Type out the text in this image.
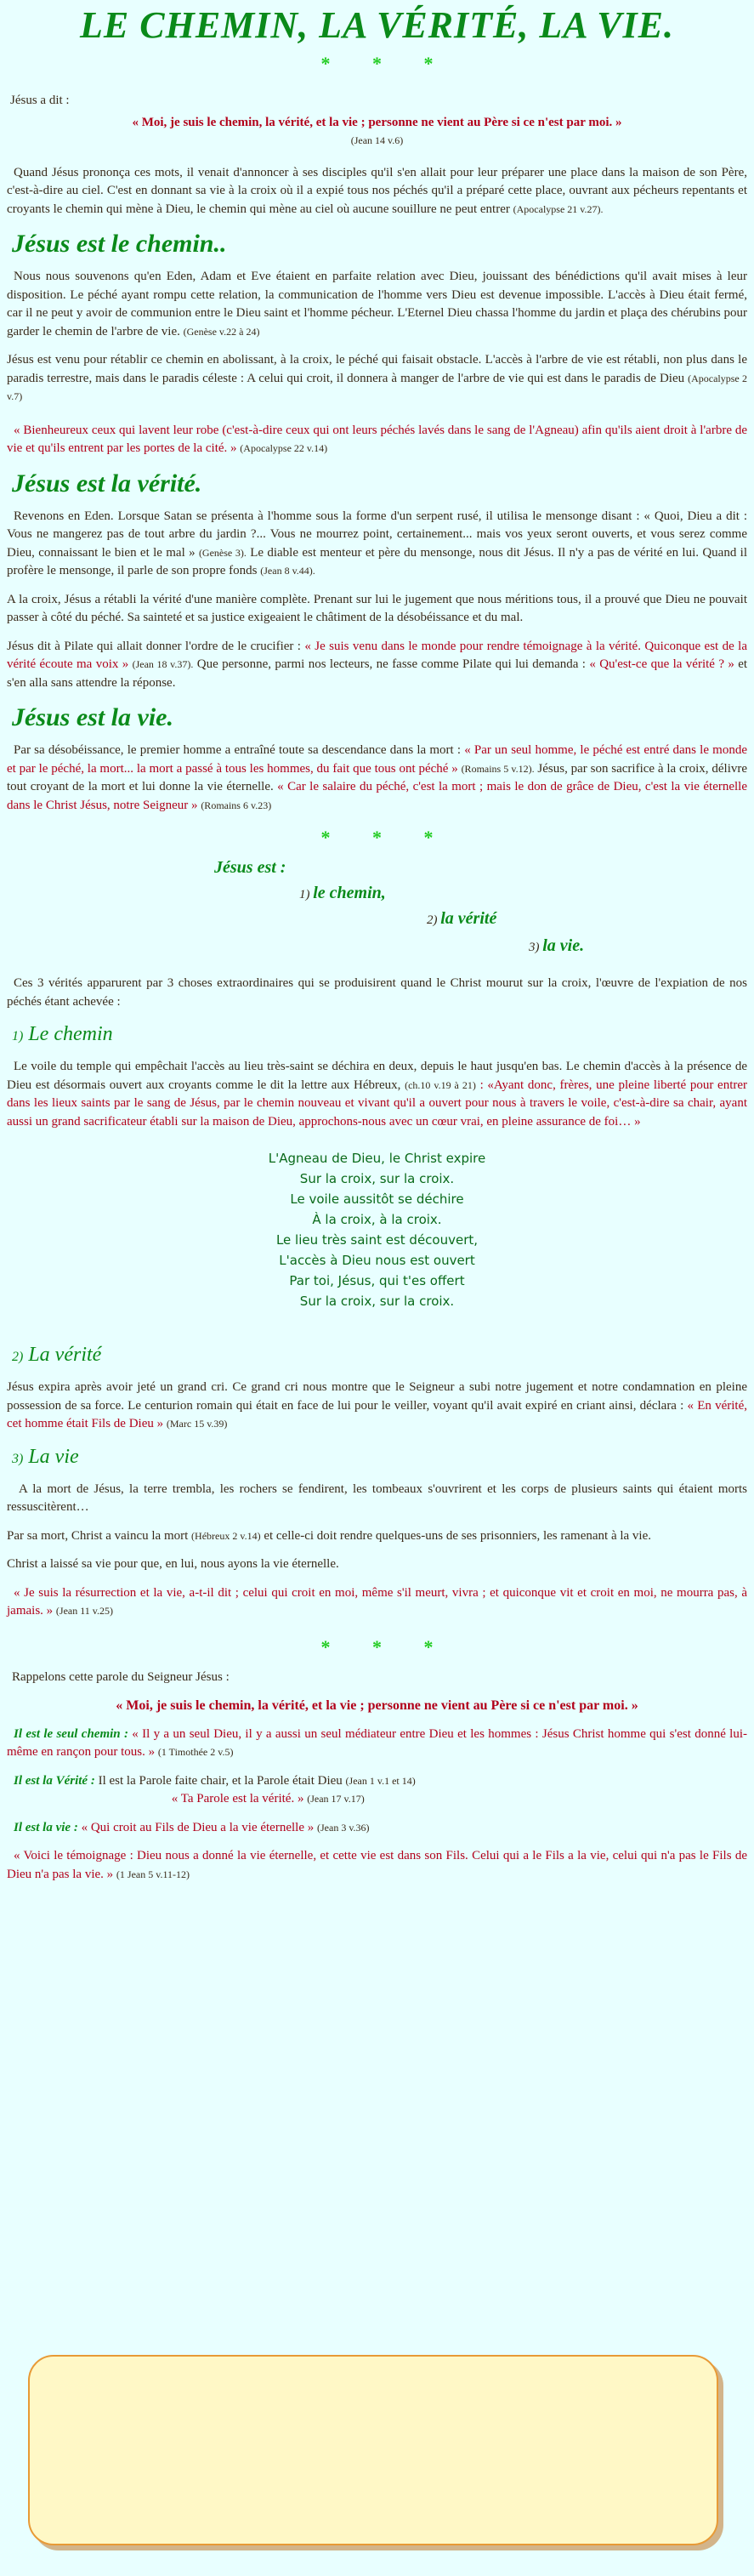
LE CHEMIN, LA VÉRITÉ, LA VIE.
* * *

Jésus a dit :

« Moi, je suis le chemin, la vérité, et la vie ; personne ne vient au Père si ce n'est par moi. »
(Jean 14 v.6)

Quand Jésus prononça ces mots, il venait d'annoncer à ses disciples qu'il s'en allait pour leur préparer une place dans la maison de son Père, c'est-à-dire au ciel. C'est en donnant sa vie à la croix où il a expié tous nos péchés qu'il a préparé cette place, ouvrant aux pécheurs repentants et croyants le chemin qui mène à Dieu, le chemin qui mène au ciel où aucune souillure ne peut entrer (Apocalypse 21 v.27).

Jésus est le chemin..

Nous nous souvenons qu'en Eden, Adam et Eve étaient en parfaite relation avec Dieu, jouissant des bénédictions qu'il avait mises à leur disposition. Le péché ayant rompu cette relation, la communication de l'homme vers Dieu est devenue impossible. L'accès à Dieu était fermé, car il ne peut y avoir de communion entre le Dieu saint et l'homme pécheur. L'Eternel Dieu chassa l'homme du jardin et plaça des chérubins pour garder le chemin de l'arbre de vie. (Genèse v.22 à 24)

Jésus est venu pour rétablir ce chemin en abolissant, à la croix, le péché qui faisait obstacle. L'accès à l'arbre de vie est rétabli, non plus dans le paradis terrestre, mais dans le paradis céleste : A celui qui croit, il donnera à manger de l'arbre de vie qui est dans le paradis de Dieu (Apocalypse 2 v.7)

« Bienheureux ceux qui lavent leur robe (c'est-à-dire ceux qui ont leurs péchés lavés dans le sang de l'Agneau) afin qu'ils aient droit à l'arbre de vie et qu'ils entrent par les portes de la cité. » (Apocalypse 22 v.14)

Jésus est la vérité.

Revenons en Eden. Lorsque Satan se présenta à l'homme sous la forme d'un serpent rusé, il utilisa le mensonge disant : « Quoi, Dieu a dit : Vous ne mangerez pas de tout arbre du jardin ?... Vous ne mourrez point, certainement... mais vos yeux seront ouverts, et vous serez comme Dieu, connaissant le bien et le mal » (Genèse 3). Le diable est menteur et père du mensonge, nous dit Jésus. Il n'y a pas de vérité en lui. Quand il profère le mensonge, il parle de son propre fonds (Jean 8 v.44).

A la croix, Jésus a rétabli la vérité d'une manière complète. Prenant sur lui le jugement que nous méritions tous, il a prouvé que Dieu ne pouvait passer à côté du péché. Sa sainteté et sa justice exigeaient le châtiment de la désobéissance et du mal.

Jésus dit à Pilate qui allait donner l'ordre de le crucifier : « Je suis venu dans le monde pour rendre témoignage à la vérité. Quiconque est de la vérité écoute ma voix » (Jean 18 v.37). Que personne, parmi nos lecteurs, ne fasse comme Pilate qui lui demanda : « Qu'est-ce que la vérité ? » et s'en alla sans attendre la réponse.

Jésus est la vie.

Par sa désobéissance, le premier homme a entraîné toute sa descendance dans la mort : « Par un seul homme, le péché est entré dans le monde et par le péché, la mort... la mort a passé à tous les hommes, du fait que tous ont péché » (Romains 5 v.12). Jésus, par son sacrifice à la croix, délivre tout croyant de la mort et lui donne la vie éternelle. « Car le salaire du péché, c'est la mort ; mais le don de grâce de Dieu, c'est la vie éternelle dans le Christ Jésus, notre Seigneur » (Romains 6 v.23)

* * *
Jésus est :
1) le chemin,
2) la vérité
3) la vie.

Ces 3 vérités apparurent par 3 choses extraordinaires qui se produisirent quand le Christ mourut sur la croix, l'œuvre de l'expiation de nos péchés étant achevée :

1) Le chemin

Le voile du temple qui empêchait l'accès au lieu très-saint se déchira en deux, depuis le haut jusqu'en bas. Le chemin d'accès à la présence de Dieu est désormais ouvert aux croyants comme le dit la lettre aux Hébreux, (ch.10 v.19 à 21) : «Ayant donc, frères, une pleine liberté pour entrer dans les lieux saints par le sang de Jésus, par le chemin nouveau et vivant qu'il a ouvert pour nous à travers le voile, c'est-à-dire sa chair, ayant aussi un grand sacrificateur établi sur la maison de Dieu, approchons-nous avec un cœur vrai, en pleine assurance de foi… »

L'Agneau de Dieu, le Christ expire
Sur la croix, sur la croix.
Le voile aussitôt se déchire
À la croix, à la croix.
Le lieu très saint est découvert,
L'accès à Dieu nous est ouvert
Par toi, Jésus, qui t'es offert
Sur la croix, sur la croix.
2) La vérité

Jésus expira après avoir jeté un grand cri. Ce grand cri nous montre que le Seigneur a subi notre jugement et notre condamnation en pleine possession de sa force. Le centurion romain qui était en face de lui pour le veiller, voyant qu'il avait expiré en criant ainsi, déclara : « En vérité, cet homme était Fils de Dieu » (Marc 15 v.39)

3) La vie

A la mort de Jésus, la terre trembla, les rochers se fendirent, les tombeaux s'ouvrirent et les corps de plusieurs saints qui étaient morts ressuscitèrent…

Par sa mort, Christ a vaincu la mort (Hébreux 2 v.14) et celle-ci doit rendre quelques-uns de ses prisonniers, les ramenant à la vie.

Christ a laissé sa vie pour que, en lui, nous ayons la vie éternelle.

« Je suis la résurrection et la vie, a-t-il dit ; celui qui croit en moi, même s'il meurt, vivra ; et quiconque vit et croit en moi, ne mourra pas, à jamais. » (Jean 11 v.25)

* * *

Rappelons cette parole du Seigneur Jésus :

« Moi, je suis le chemin, la vérité, et la vie ; personne ne vient au Père si ce n'est par moi. »

Il est le seul chemin : « Il y a un seul Dieu, il y a aussi un seul médiateur entre Dieu et les hommes : Jésus Christ homme qui s'est donné lui-même en rançon pour tous. » (1 Timothée 2 v.5)

Il est la Vérité : Il est la Parole faite chair, et la Parole était Dieu (Jean 1 v.1 et 14)
« Ta Parole est la vérité. » (Jean 17 v.17)

Il est la vie : « Qui croit au Fils de Dieu a la vie éternelle » (Jean 3 v.36)

« Voici le témoignage : Dieu nous a donné la vie éternelle, et cette vie est dans son Fils. Celui qui a le Fils a la vie, celui qui n'a pas le Fils de Dieu n'a pas la vie. » (1 Jean 5 v.11-12)
